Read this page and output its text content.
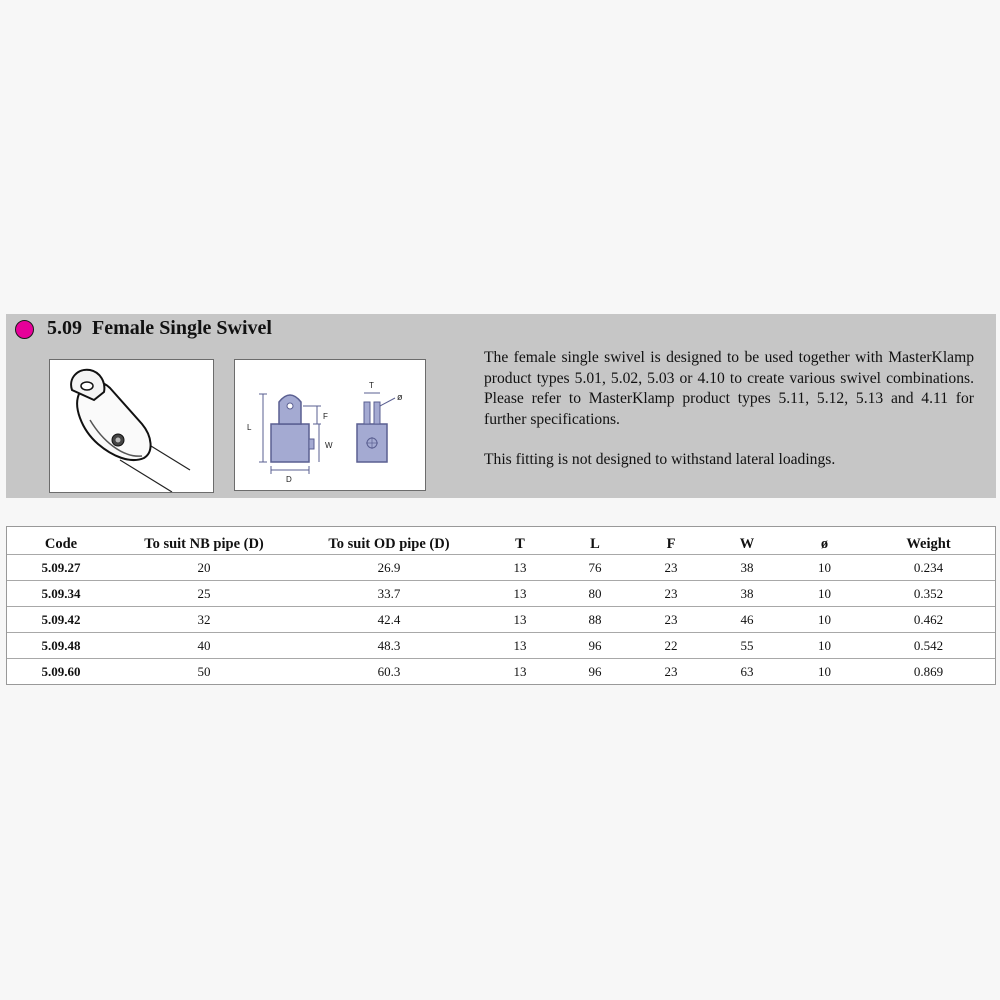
5.09  Female Single Swivel
L
F
W
D
T
ø

The female single swivel is designed to be used together with MasterKlamp product types 5.01, 5.02, 5.03 or 4.10 to create various swivel combinations. Please refer to MasterKlamp product types 5.11, 5.12, 5.13 and 4.11 for further specifications.

This fitting is not designed to withstand lateral loadings.

Code	To suit NB pipe (D)	To suit OD pipe (D)	T	L	F	W	ø	Weight
5.09.27	20	26.9	13	76	23	38	10	0.234
5.09.34	25	33.7	13	80	23	38	10	0.352
5.09.42	32	42.4	13	88	23	46	10	0.462
5.09.48	40	48.3	13	96	22	55	10	0.542
5.09.60	50	60.3	13	96	23	63	10	0.869
